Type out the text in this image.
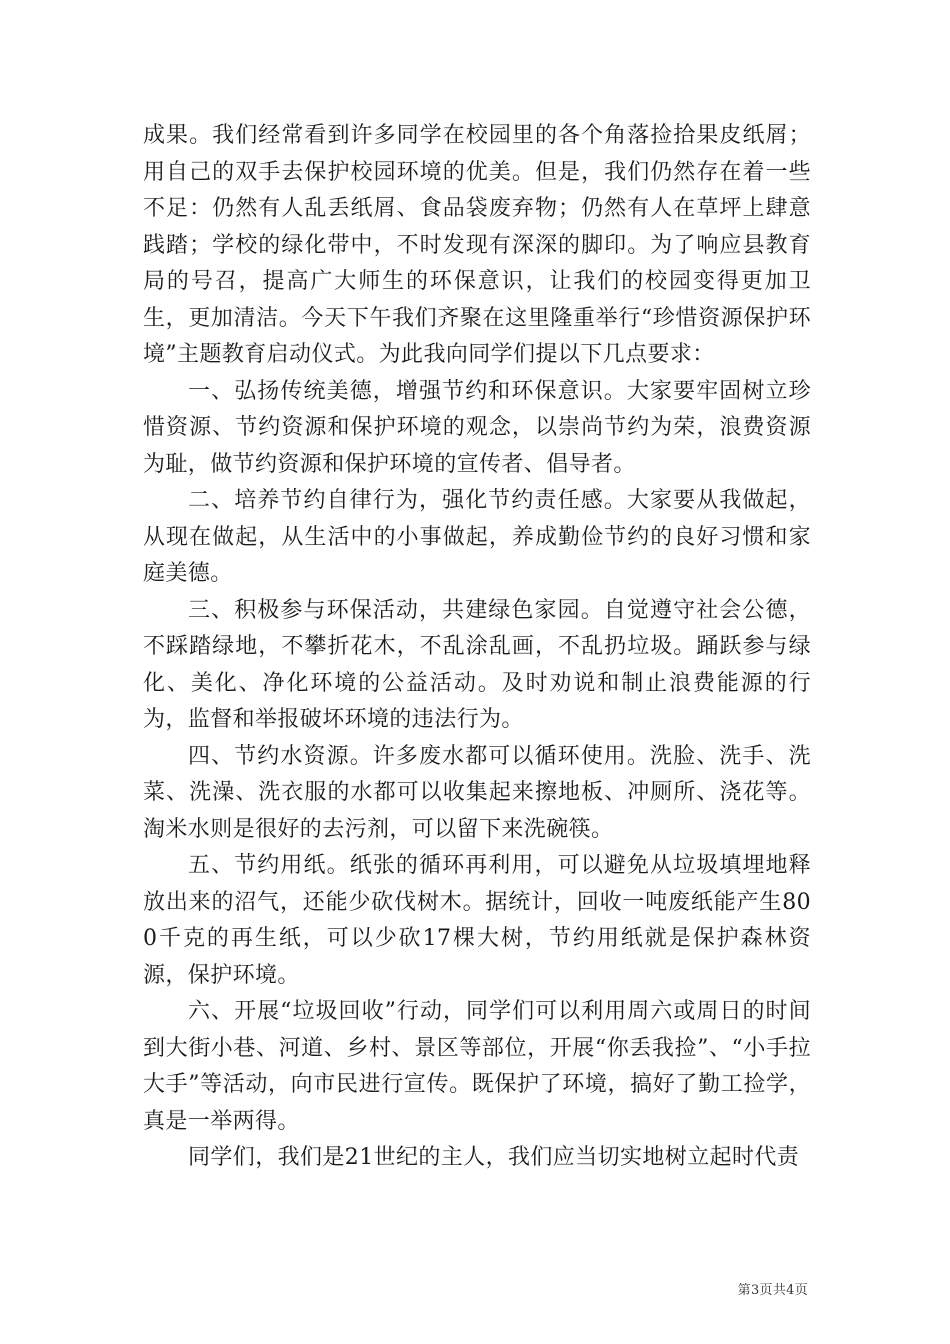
成果。我们经常看到许多同学在校园里的各个角落捡拾果皮纸屑；用自己的双手去保护校园环境的优美。但是，我们仍然存在着一些不足：仍然有人乱丢纸屑、食品袋废弃物；仍然有人在草坪上肆意践踏；学校的绿化带中，不时发现有深深的脚印。为了响应县教育局的号召，提高广大师生的环保意识，让我们的校园变得更加卫生，更加清洁。今天下午我们齐聚在这里隆重举行“珍惜资源保护环境”主题教育启动仪式。为此我向同学们提以下几点要求：

一、弘扬传统美德，增强节约和环保意识。大家要牢固树立珍惜资源、节约资源和保护环境的观念，以崇尚节约为荣，浪费资源为耻，做节约资源和保护环境的宣传者、倡导者。

二、培养节约自律行为，强化节约责任感。大家要从我做起，从现在做起，从生活中的小事做起，养成勤俭节约的良好习惯和家庭美德。

三、积极参与环保活动，共建绿色家园。自觉遵守社会公德，不踩踏绿地，不攀折花木，不乱涂乱画，不乱扔垃圾。踊跃参与绿化、美化、净化环境的公益活动。及时劝说和制止浪费能源的行为，监督和举报破坏环境的违法行为。

四、节约水资源。许多废水都可以循环使用。洗脸、洗手、洗菜、洗澡、洗衣服的水都可以收集起来擦地板、冲厕所、浇花等。淘米水则是很好的去污剂，可以留下来洗碗筷。

五、节约用纸。纸张的循环再利用，可以避免从垃圾填埋地释放出来的沼气，还能少砍伐树木。据统计，回收一吨废纸能产生800千克的再生纸，可以少砍17棵大树，节约用纸就是保护森林资源，保护环境。

六、开展“垃圾回收”行动，同学们可以利用周六或周日的时间到大街小巷、河道、乡村、景区等部位，开展“你丢我捡”、“小手拉大手”等活动，向市民进行宣传。既保护了环境，搞好了勤工捡学，真是一举两得。

同学们，我们是21世纪的主人，我们应当切实地树立起时代责

第3页共4页
